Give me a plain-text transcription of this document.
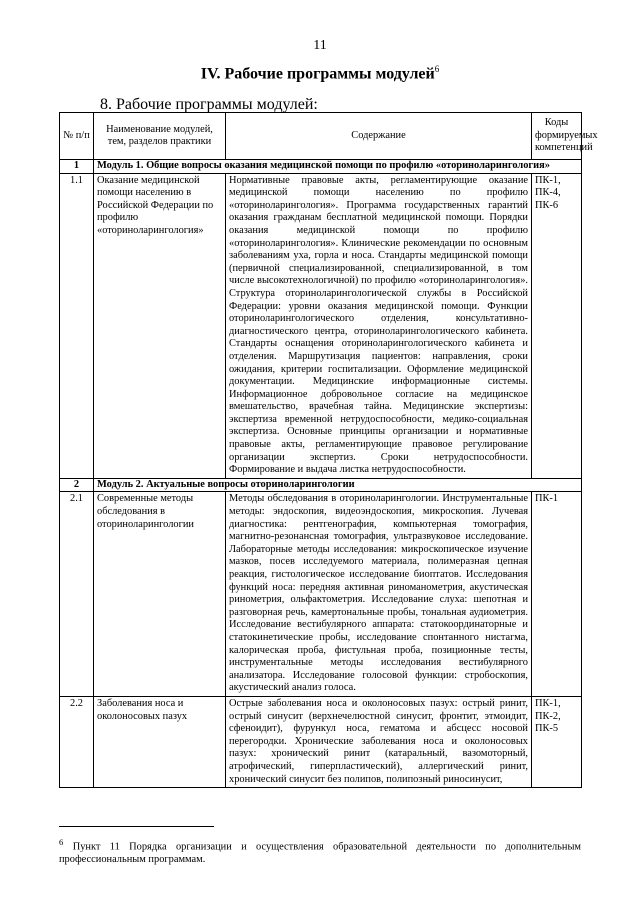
11
IV. Рабочие программы модулей$^6$
8. Рабочие программы модулей:
№ п/п	Наименование модулей, тем, разделов практики	Содержание	Коды формируемых компетенций
1	Модуль 1. Общие вопросы оказания медицинской помощи по профилю «оториноларингология»		
1.1	Оказание медицинской помощи населению в Российской Федерации по профилю «оториноларингология»	Нормативные правовые акты, регламентирующие оказание медицинской помощи населению по профилю «оториноларингология». Программа государственных гарантий оказания гражданам бесплатной медицинской помощи. Порядки оказания медицинской помощи по профилю «оториноларингология». Клинические рекомендации по основным заболеваниям уха, горла и носа. Стандарты медицинской помощи (первичной специализированной, специализированной, в том числе высокотехнологичной) по профилю «оториноларингология». Структура оториноларингологической службы в Российской Федерации: уровни оказания медицинской помощи. Функции оториноларингологического отделения, консультативно-диагностического центра, оториноларингологического кабинета. Стандарты оснащения оториноларингологического кабинета и отделения. Маршрутизация пациентов: направления, сроки ожидания, критерии госпитализации. Оформление медицинской документации. Медицинские информационные системы. Информационное добровольное согласие на медицинское вмешательство, врачебная тайна. Медицинские экспертизы: экспертиза временной нетрудоспособности, медико-социальная экспертиза. Основные принципы организации и нормативные правовые акты, регламентирующие правовое регулирование организации экспертиз. Сроки нетрудоспособности. Формирование и выдача листка нетрудоспособности.	ПК-1, ПК-4, ПК-6
2	Модуль 2. Актуальные вопросы оториноларингологии		
2.1	Современные методы обследования в оториноларингологии	Методы обследования в оториноларингологии. Инструментальные методы: эндоскопия, видеоэндоскопия, микроскопия. Лучевая диагностика: рентгенография, компьютерная томография, магнитно-резонансная томография, ультразвуковое исследование. Лабораторные методы исследования: микроскопическое изучение мазков, посев исследуемого материала, полимеразная цепная реакция, гистологическое исследование биоптатов. Исследования функций носа: передняя активная риноманометрия, акустическая ринометрия, ольфактометрия. Исследование слуха: шепотная и разговорная речь, камертональные пробы, тональная аудиометрия. Исследование вестибулярного аппарата: статокоординаторные и статокинетические пробы, исследование спонтанного нистагма, калорическая проба, фистульная проба, позиционные тесты, инструментальные методы исследования вестибулярного анализатора. Исследование голосовой функции: стробоскопия, акустический анализ голоса.	ПК-1
2.2	Заболевания носа и околоносовых пазух	Острые заболевания носа и околоносовых пазух: острый ринит, острый синусит (верхнечелюстной синусит, фронтит, этмоидит, сфеноидит), фурункул носа, гематома и абсцесс носовой перегородки. Хронические заболевания носа и околоносовых пазух: хронический ринит (катаральный, вазомоторный, атрофический, гиперпластический), аллергический ринит, хронический синусит без полипов, полипозный риносинусит,	ПК-1, ПК-2, ПК-5
$^6$ Пункт 11 Порядка организации и осуществления образовательной деятельности по дополнительным профессиональным программам.
